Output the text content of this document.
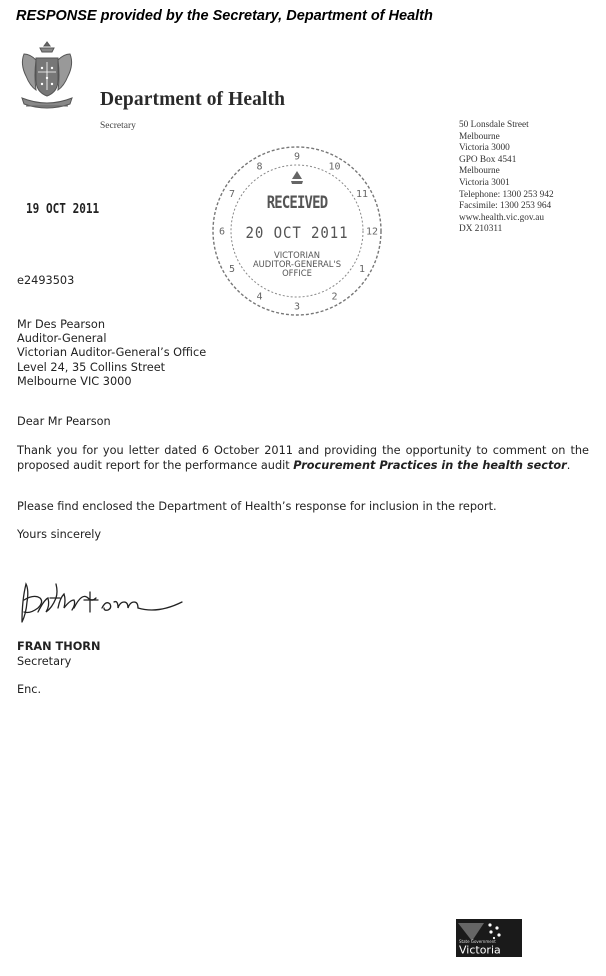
RESPONSE provided by the Secretary, Department of Health
Department of Health
Secretary	50 Lonsdale Street
Melbourne
Victoria 3000
GPO Box 4541
Melbourne
Victoria 3001
Telephone: 1300 253 942
Facsimile: 1300 253 964
www.health.vic.gov.au
DX 210311
19 OCT 2011
9
10
11
12
1
2
3
4
5
6
7
8
RECEIVED
20 OCT 2011
VICTORIAN
AUDITOR-GENERAL'S
OFFICE
e2493503
Mr Des Pearson
Auditor-General
Victorian Auditor-General’s Office
Level 24, 35 Collins Street
Melbourne VIC 3000
Dear Mr Pearson
Thank you for you letter dated 6 October 2011 and providing the opportunity to comment on the proposed audit report for the performance audit Procurement Practices in the health sector.
Please find enclosed the Department of Health’s response for inclusion in the report.
Yours sincerely
FRAN THORN
Secretary
Enc.
State Government
Victoria
